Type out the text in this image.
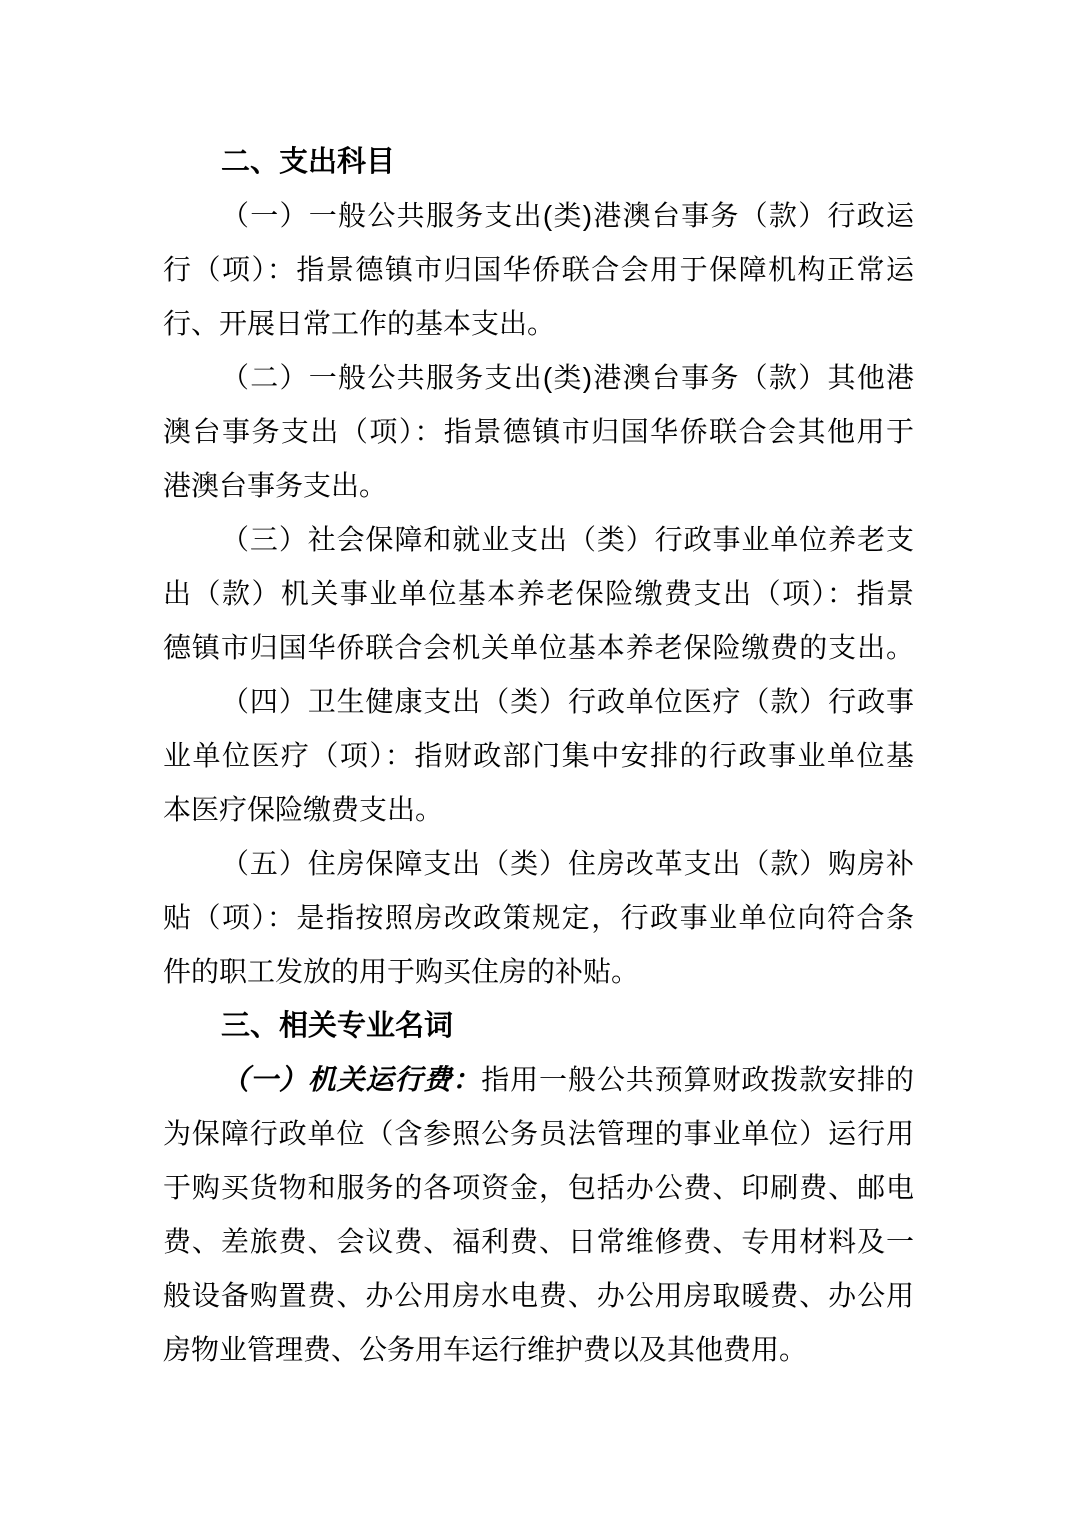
二、支出科目
（一）一般公共服务支出(类)港澳台事务（款）行政运
行（项）：指景德镇市归国华侨联合会用于保障机构正常运
行、开展日常工作的基本支出。
（二）一般公共服务支出(类)港澳台事务（款）其他港
澳台事务支出（项）：指景德镇市归国华侨联合会其他用于
港澳台事务支出。
（三）社会保障和就业支出（类）行政事业单位养老支
出（款）机关事业单位基本养老保险缴费支出（项）：指景
德镇市归国华侨联合会机关单位基本养老保险缴费的支出。
（四）卫生健康支出（类）行政单位医疗（款）行政事
业单位医疗（项）：指财政部门集中安排的行政事业单位基
本医疗保险缴费支出。
（五）住房保障支出（类）住房改革支出（款）购房补
贴（项）：是指按照房改政策规定，行政事业单位向符合条
件的职工发放的用于购买住房的补贴。
三、相关专业名词
（一）机关运行费：指用一般公共预算财政拨款安排的
为保障行政单位（含参照公务员法管理的事业单位）运行用
于购买货物和服务的各项资金，包括办公费、印刷费、邮电
费、差旅费、会议费、福利费、日常维修费、专用材料及一
般设备购置费、办公用房水电费、办公用房取暖费、办公用
房物业管理费、公务用车运行维护费以及其他费用。
